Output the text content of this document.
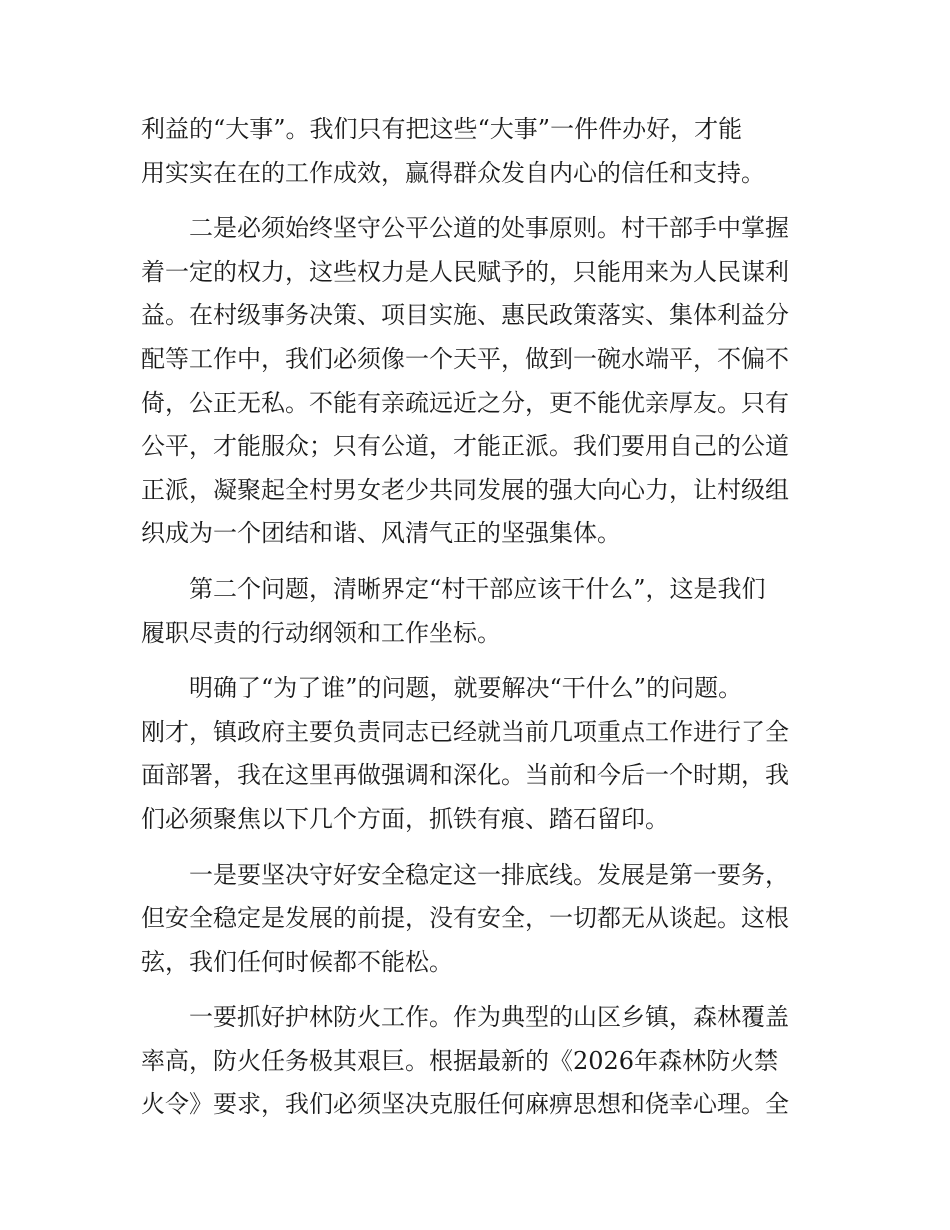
利益的“大事”。我们只有把这些“大事”一件件办好，才能
用实实在在的工作成效，赢得群众发自内心的信任和支持。
　　二是必须始终坚守公平公道的处事原则。村干部手中掌握
着一定的权力，这些权力是人民赋予的，只能用来为人民谋利
益。在村级事务决策、项目实施、惠民政策落实、集体利益分
配等工作中，我们必须像一个天平，做到一碗水端平，不偏不
倚，公正无私。不能有亲疏远近之分，更不能优亲厚友。只有
公平，才能服众；只有公道，才能正派。我们要用自己的公道
正派，凝聚起全村男女老少共同发展的强大向心力，让村级组
织成为一个团结和谐、风清气正的坚强集体。
　　第二个问题，清晰界定“村干部应该干什么”，这是我们
履职尽责的行动纲领和工作坐标。
　　明确了“为了谁”的问题，就要解决“干什么”的问题。
刚才，镇政府主要负责同志已经就当前几项重点工作进行了全
面部署，我在这里再做强调和深化。当前和今后一个时期，我
们必须聚焦以下几个方面，抓铁有痕、踏石留印。
　　一是要坚决守好安全稳定这一排底线。发展是第一要务，
但安全稳定是发展的前提，没有安全，一切都无从谈起。这根
弦，我们任何时候都不能松。
　　一要抓好护林防火工作。作为典型的山区乡镇，森林覆盖
率高，防火任务极其艰巨。根据最新的《2026年森林防火禁
火令》要求，我们必须坚决克服任何麻痹思想和侥幸心理。全
